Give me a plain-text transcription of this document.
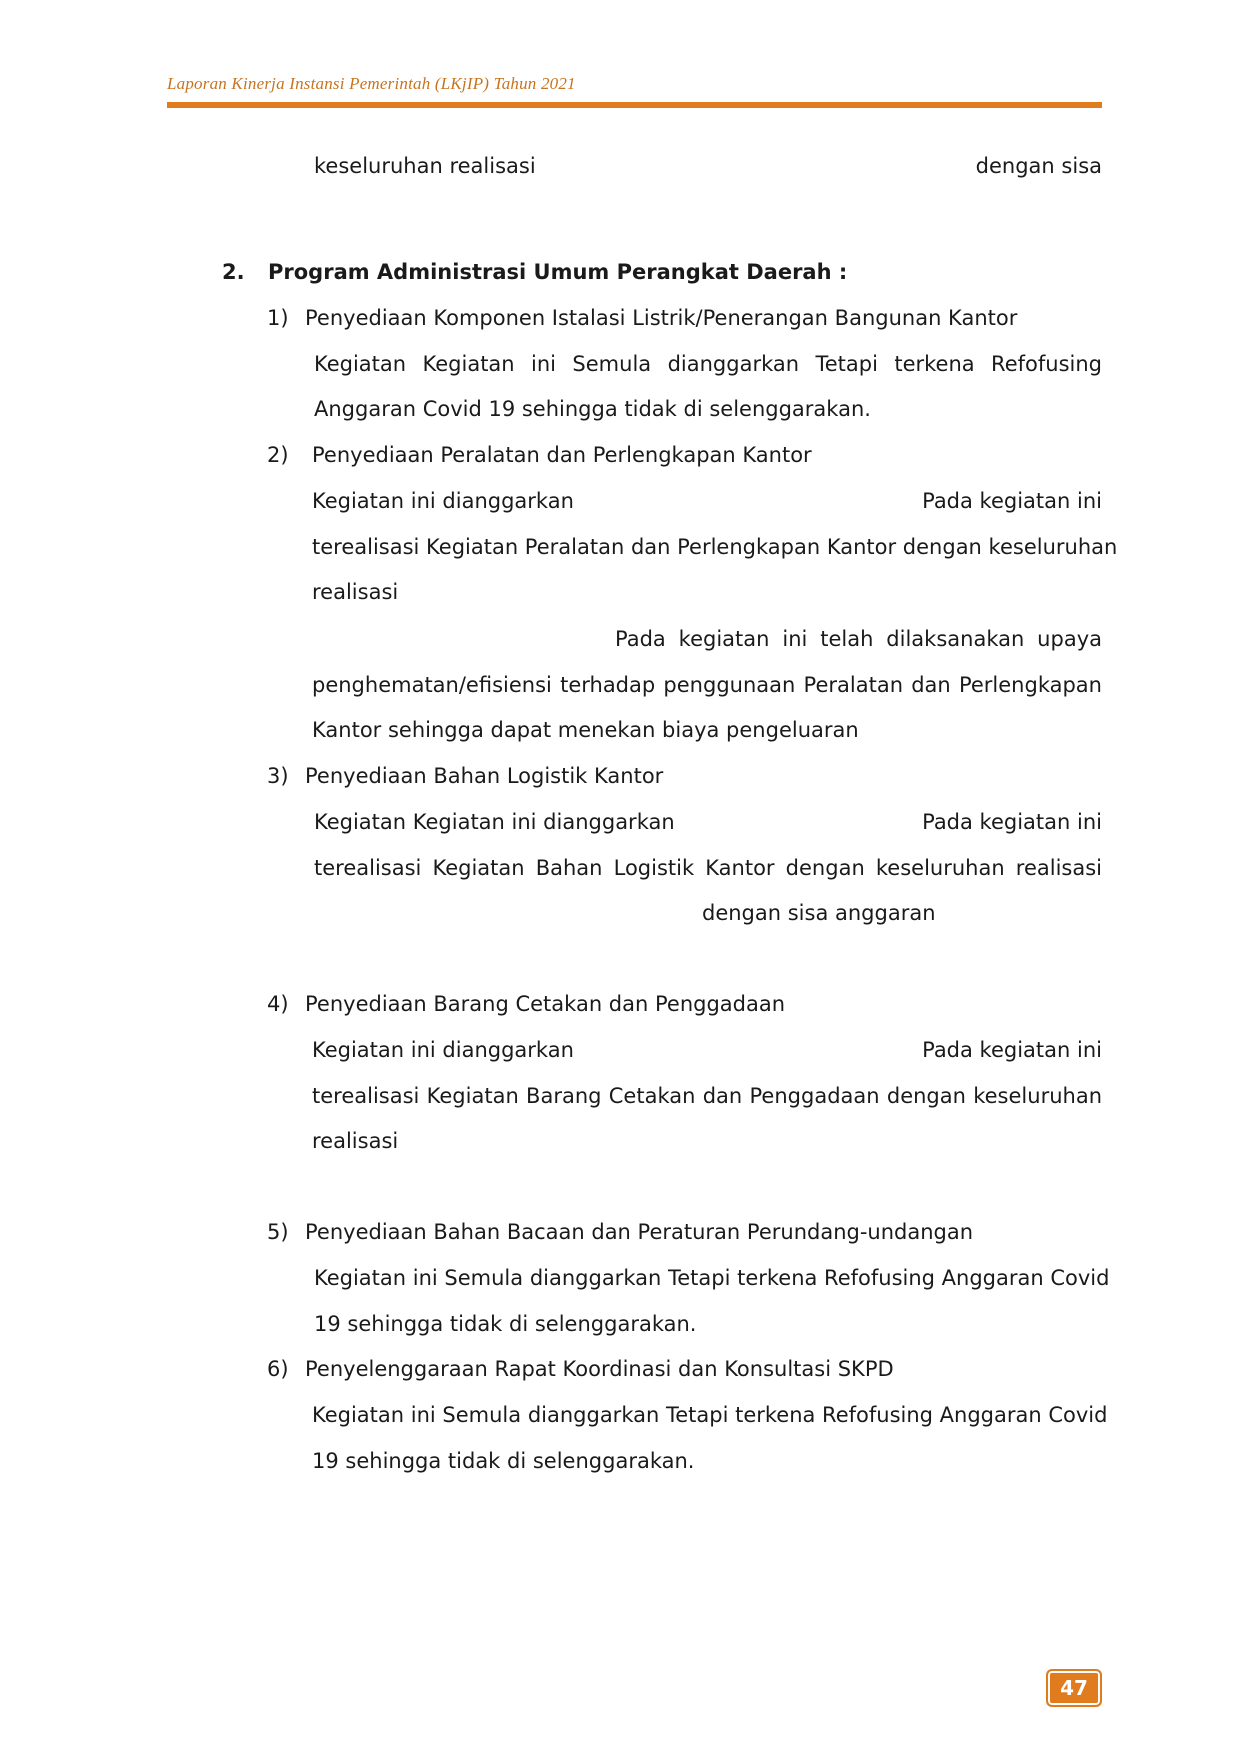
Laporan Kinerja Instansi Pemerintah (LKjIP) Tahun 2021
keseluruhan realisasi	dengan sisa
2. Program Administrasi Umum Perangkat Daerah :
1) Penyediaan Komponen Istalasi Listrik/Penerangan Bangunan Kantor
Kegiatan Kegiatan ini Semula dianggarkan Tetapi terkena Refofusing
Anggaran Covid 19 sehingga tidak di selenggarakan.
2) Penyediaan Peralatan dan Perlengkapan Kantor
Kegiatan ini dianggarkan	Pada kegiatan ini
terealisasi Kegiatan Peralatan dan Perlengkapan Kantor dengan keseluruhan
realisasi
Pada kegiatan ini telah dilaksanakan upaya
penghematan/efisiensi terhadap penggunaan Peralatan dan Perlengkapan
Kantor sehingga dapat menekan biaya pengeluaran
3) Penyediaan Bahan Logistik Kantor
Kegiatan Kegiatan ini dianggarkan	Pada kegiatan ini
terealisasi Kegiatan Bahan Logistik Kantor dengan keseluruhan realisasi
dengan sisa anggaran
4) Penyediaan Barang Cetakan dan Penggadaan
Kegiatan ini dianggarkan	Pada kegiatan ini
terealisasi Kegiatan Barang Cetakan dan Penggadaan dengan keseluruhan
realisasi
5) Penyediaan Bahan Bacaan dan Peraturan Perundang-undangan
Kegiatan ini Semula dianggarkan Tetapi terkena Refofusing Anggaran Covid
19 sehingga tidak di selenggarakan.
6) Penyelenggaraan Rapat Koordinasi dan Konsultasi SKPD
Kegiatan ini Semula dianggarkan Tetapi terkena Refofusing Anggaran Covid
19 sehingga tidak di selenggarakan.
47
